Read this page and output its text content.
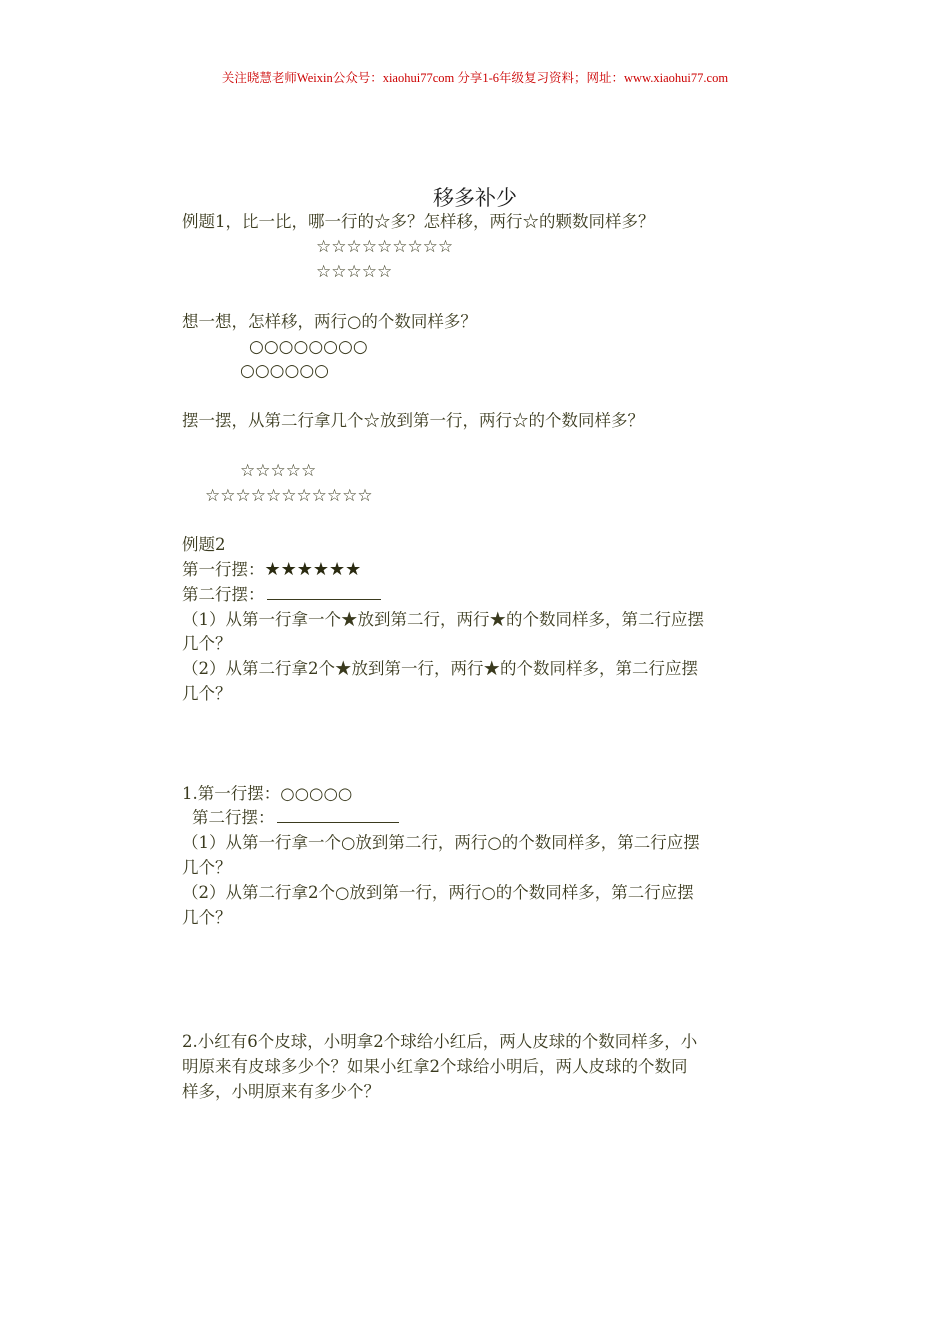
关注晓慧老师Weixin公众号：xiaohui77com 分享1-6年级复习资料；网址：www.xiaohui77.com
移多补少
例题1，比一比，哪一行的☆多？怎样移，两行☆的颗数同样多？
☆☆☆☆☆☆☆☆☆
☆☆☆☆☆
想一想，怎样移，两行○的个数同样多？
○○○○○○○○
○○○○○○
摆一摆，从第二行拿几个☆放到第一行，两行☆的个数同样多？
☆☆☆☆☆
☆☆☆☆☆☆☆☆☆☆☆
例题2
第一行摆：★★★★★★
第二行摆：
（1）从第一行拿一个★放到第二行，两行★的个数同样多，第二行应摆
几个？
（2）从第二行拿2个★放到第一行，两行★的个数同样多，第二行应摆
几个？
1.第一行摆：○○○○○
第二行摆：
（1）从第一行拿一个○放到第二行，两行○的个数同样多，第二行应摆
几个？
（2）从第二行拿2个○放到第一行，两行○的个数同样多，第二行应摆
几个？
2.小红有6个皮球，小明拿2个球给小红后，两人皮球的个数同样多，小
明原来有皮球多少个？如果小红拿2个球给小明后，两人皮球的个数同
样多，小明原来有多少个？
